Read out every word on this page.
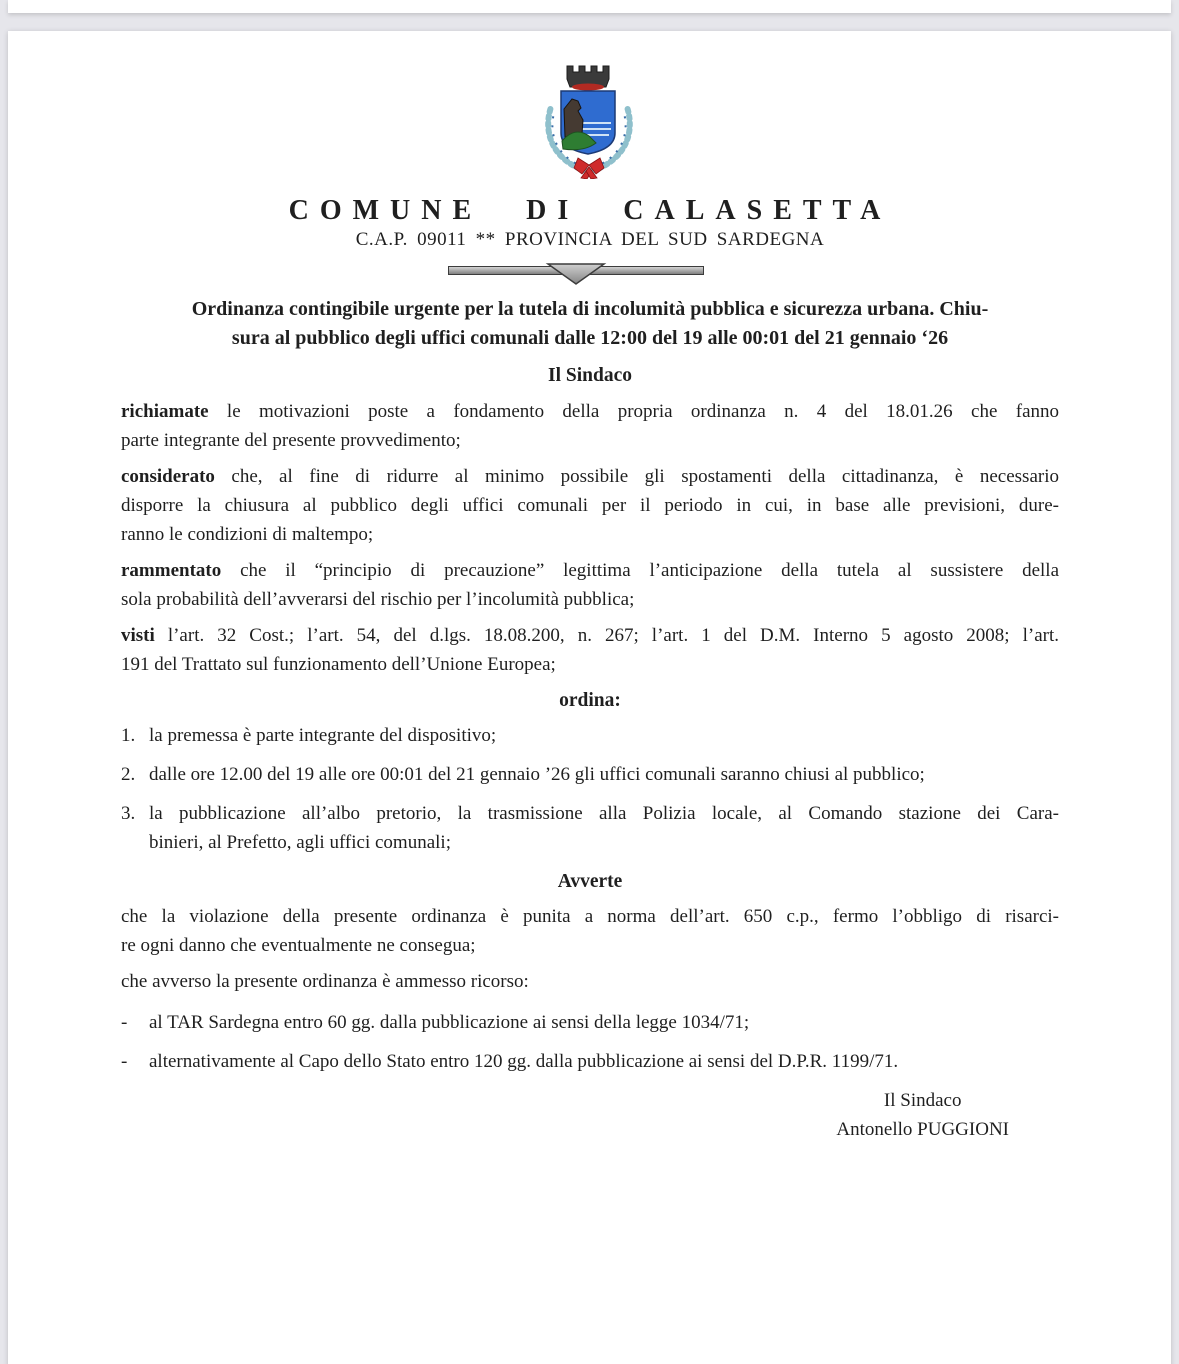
COMUNE DI CALASETTA
C.A.P. 09011 ** PROVINCIA DEL SUD SARDEGNA
Ordinanza contingibile urgente per la tutela di incolumità pubblica e sicurezza urbana. Chiu-
sura al pubblico degli uffici comunali dalle 12:00 del 19 alle 00:01 del 21 gennaio ‘26
Il Sindaco
richiamate le motivazioni poste a fondamento della propria ordinanza n. 4 del 18.01.26 che fanno
parte integrante del presente provvedimento;
considerato che, al fine di ridurre al minimo possibile gli spostamenti della cittadinanza, è necessario
disporre la chiusura al pubblico degli uffici comunali per il periodo in cui, in base alle previsioni, dure-
ranno le condizioni di maltempo;
rammentato che il “principio di precauzione” legittima l’anticipazione della tutela al sussistere della
sola probabilità dell’avverarsi del rischio per l’incolumità pubblica;
visti l’art. 32 Cost.; l’art. 54, del d.lgs. 18.08.200, n. 267; l’art. 1 del D.M. Interno 5 agosto 2008; l’art.
191 del Trattato sul funzionamento dell’Unione Europea;
ordina:
1. la premessa è parte integrante del dispositivo;
2. dalle ore 12.00 del 19 alle ore 00:01 del 21 gennaio ’26 gli uffici comunali saranno chiusi al pubblico;
3. la pubblicazione all’albo pretorio, la trasmissione alla Polizia locale, al Comando stazione dei Cara-
binieri, al Prefetto, agli uffici comunali;
Avverte
che la violazione della presente ordinanza è punita a norma dell’art. 650 c.p., fermo l’obbligo di risarci-
re ogni danno che eventualmente ne consegua;
che avverso la presente ordinanza è ammesso ricorso:
-	al TAR Sardegna entro 60 gg. dalla pubblicazione ai sensi della legge 1034/71;
-	alternativamente al Capo dello Stato entro 120 gg. dalla pubblicazione ai sensi del D.P.R. 1199/71.
Il Sindaco
Antonello PUGGIONI
